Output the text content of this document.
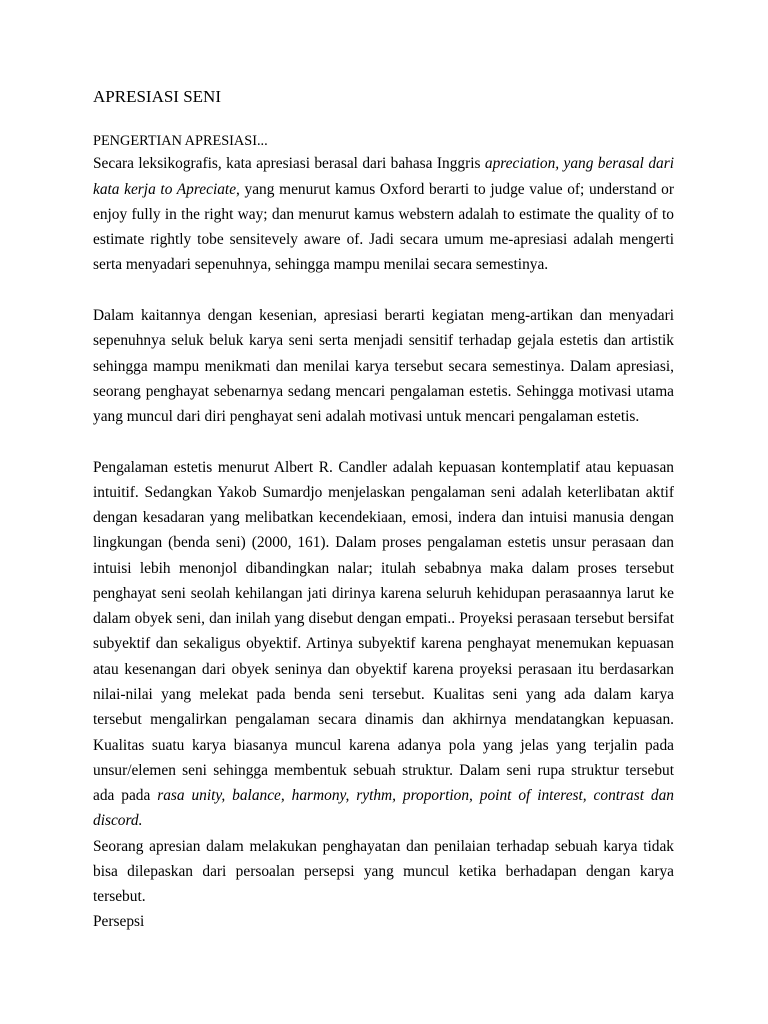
APRESIASI SENI
PENGERTIAN APRESIASI...
Secara leksikografis, kata apresiasi berasal dari bahasa Inggris apreciation, yang berasal dari
kata kerja to Apreciate, yang menurut kamus Oxford berarti to judge value of; understand or
enjoy fully in the right way; dan menurut kamus webstern adalah to estimate the quality of to
estimate rightly tobe sensitevely aware of. Jadi secara umum me-apresiasi adalah mengerti
serta menyadari sepenuhnya, sehingga mampu menilai secara semestinya.
Dalam kaitannya dengan kesenian, apresiasi berarti kegiatan meng-artikan dan menyadari
sepenuhnya seluk beluk karya seni serta menjadi sensitif terhadap gejala estetis dan artistik
sehingga mampu menikmati dan menilai karya tersebut secara semestinya. Dalam apresiasi,
seorang penghayat sebenarnya sedang mencari pengalaman estetis. Sehingga motivasi utama
yang muncul dari diri penghayat seni adalah motivasi untuk mencari pengalaman estetis.
Pengalaman estetis menurut Albert R. Candler adalah kepuasan kontemplatif atau kepuasan
intuitif. Sedangkan Yakob Sumardjo menjelaskan pengalaman seni adalah keterlibatan aktif
dengan kesadaran yang melibatkan kecendekiaan, emosi, indera dan intuisi manusia dengan
lingkungan (benda seni) (2000, 161). Dalam proses pengalaman estetis unsur perasaan dan
intuisi lebih menonjol dibandingkan nalar; itulah sebabnya maka dalam proses tersebut
penghayat seni seolah kehilangan jati dirinya karena seluruh kehidupan perasaannya larut ke
dalam obyek seni, dan inilah yang disebut dengan empati.. Proyeksi perasaan tersebut bersifat
subyektif dan sekaligus obyektif. Artinya subyektif karena penghayat menemukan kepuasan
atau kesenangan dari obyek seninya dan obyektif karena proyeksi perasaan itu berdasarkan
nilai-nilai yang melekat pada benda seni tersebut. Kualitas seni yang ada dalam karya
tersebut mengalirkan pengalaman secara dinamis dan akhirnya mendatangkan kepuasan.
Kualitas suatu karya biasanya muncul karena adanya pola yang jelas yang terjalin pada
unsur/elemen seni sehingga membentuk sebuah struktur. Dalam seni rupa struktur tersebut
ada pada rasa unity, balance, harmony, rythm, proportion, point of interest, contrast dan
discord.
Seorang apresian dalam melakukan penghayatan dan penilaian terhadap sebuah karya tidak
bisa dilepaskan dari persoalan persepsi yang muncul ketika berhadapan dengan karya
tersebut.
Persepsi
